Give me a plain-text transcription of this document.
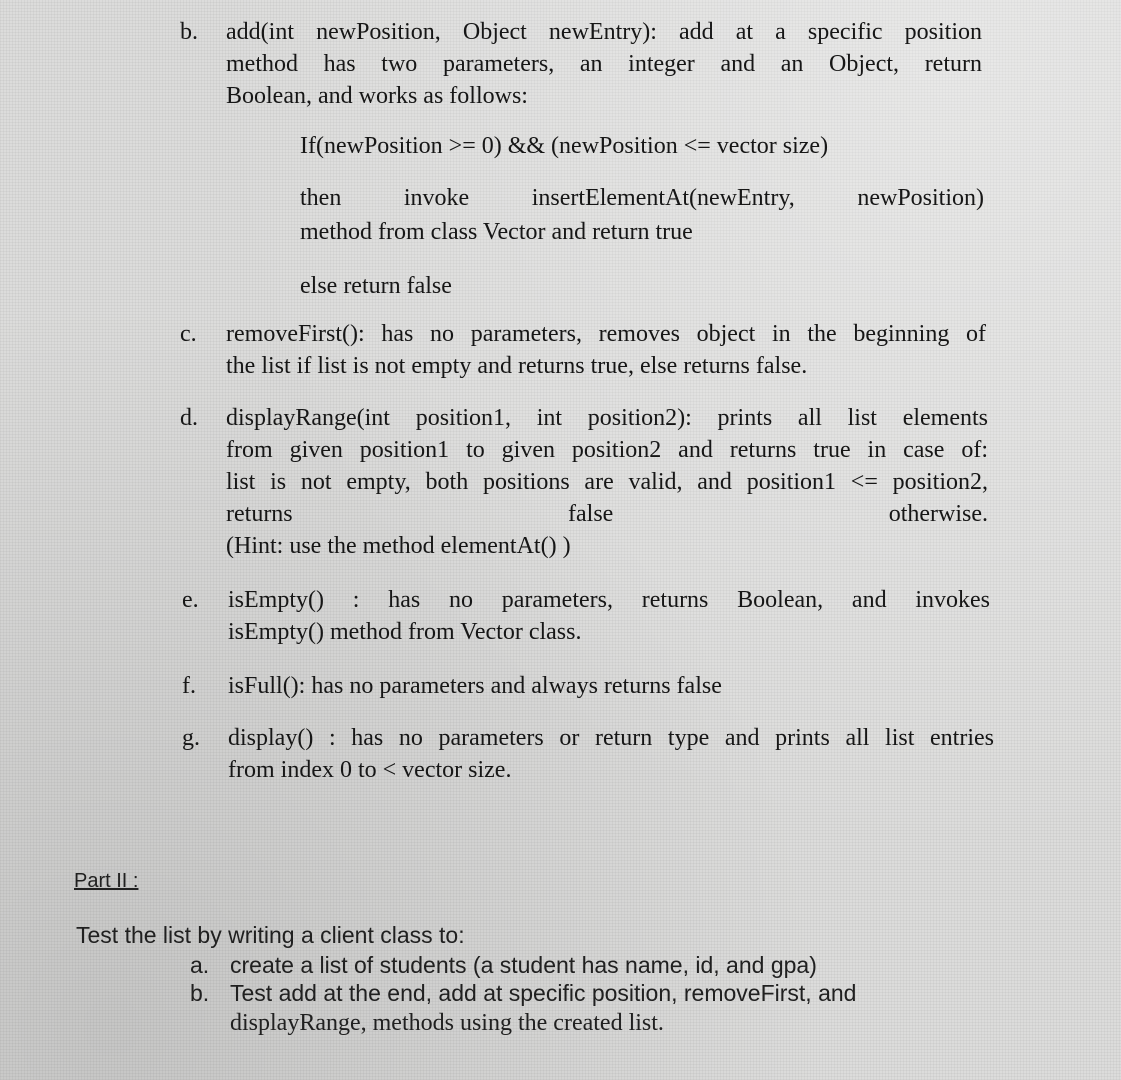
b.	add(int newPosition, Object newEntry): add at a specific position
method has two parameters, an integer and an Object, return
Boolean, and works as follows:
If(newPosition >= 0) && (newPosition <= vector size)
then	invoke	insertElementAt(newEntry,	newPosition)
method from class Vector and return true
else return false
c.	removeFirst(): has no parameters, removes object in the beginning of
the list if list is not empty and returns true, else returns false.
d.	displayRange(int position1, int position2): prints all list elements
from given position1 to given position2 and returns true in case of:
list is not empty, both positions are valid, and position1 <= position2,
returns	false	otherwise.
(Hint: use the method elementAt() )
e.	isEmpty() : has no parameters, returns Boolean, and invokes
isEmpty() method from Vector class.
f.	isFull(): has no parameters and always returns false
g.	display() : has no parameters or return type and prints all list entries
from index 0 to < vector size.
Part II :
Test the list by writing a client class to:
a. create a list of students (a student has name, id, and gpa)
b. Test add at the end, add at specific position, removeFirst, and
displayRange, methods using the created list.
